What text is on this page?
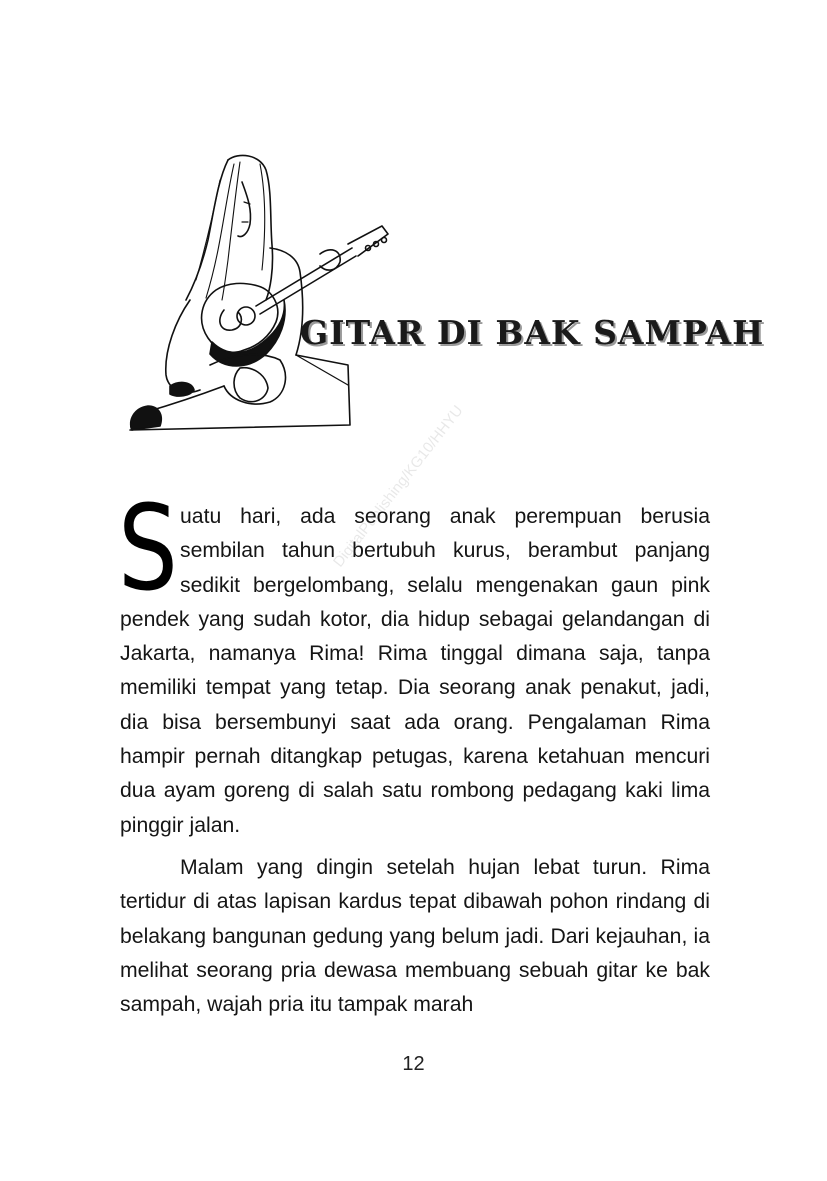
GITAR DI BAK SAMPAH
DigitalPublishing/KG10/HHYU

Suatu hari, ada seorang anak perempuan berusia sembilan tahun bertubuh kurus, berambut panjang sedikit bergelombang, selalu mengenakan gaun pink pendek yang sudah kotor, dia hidup sebagai gelandangan di Jakarta, namanya Rima! Rima tinggal dimana saja, tanpa memiliki tempat yang tetap. Dia seorang anak penakut, jadi, dia bisa bersembunyi saat ada orang. Pengalaman Rima hampir pernah ditangkap petugas, karena ketahuan mencuri dua ayam goreng di salah satu rombong pedagang kaki lima pinggir jalan.

Malam yang dingin setelah hujan lebat turun. Rima tertidur di atas lapisan kardus tepat dibawah pohon rindang di belakang bangunan gedung yang belum jadi. Dari kejauhan, ia melihat seorang pria dewasa membuang sebuah gitar ke bak sampah, wajah pria itu tampak marah

12
